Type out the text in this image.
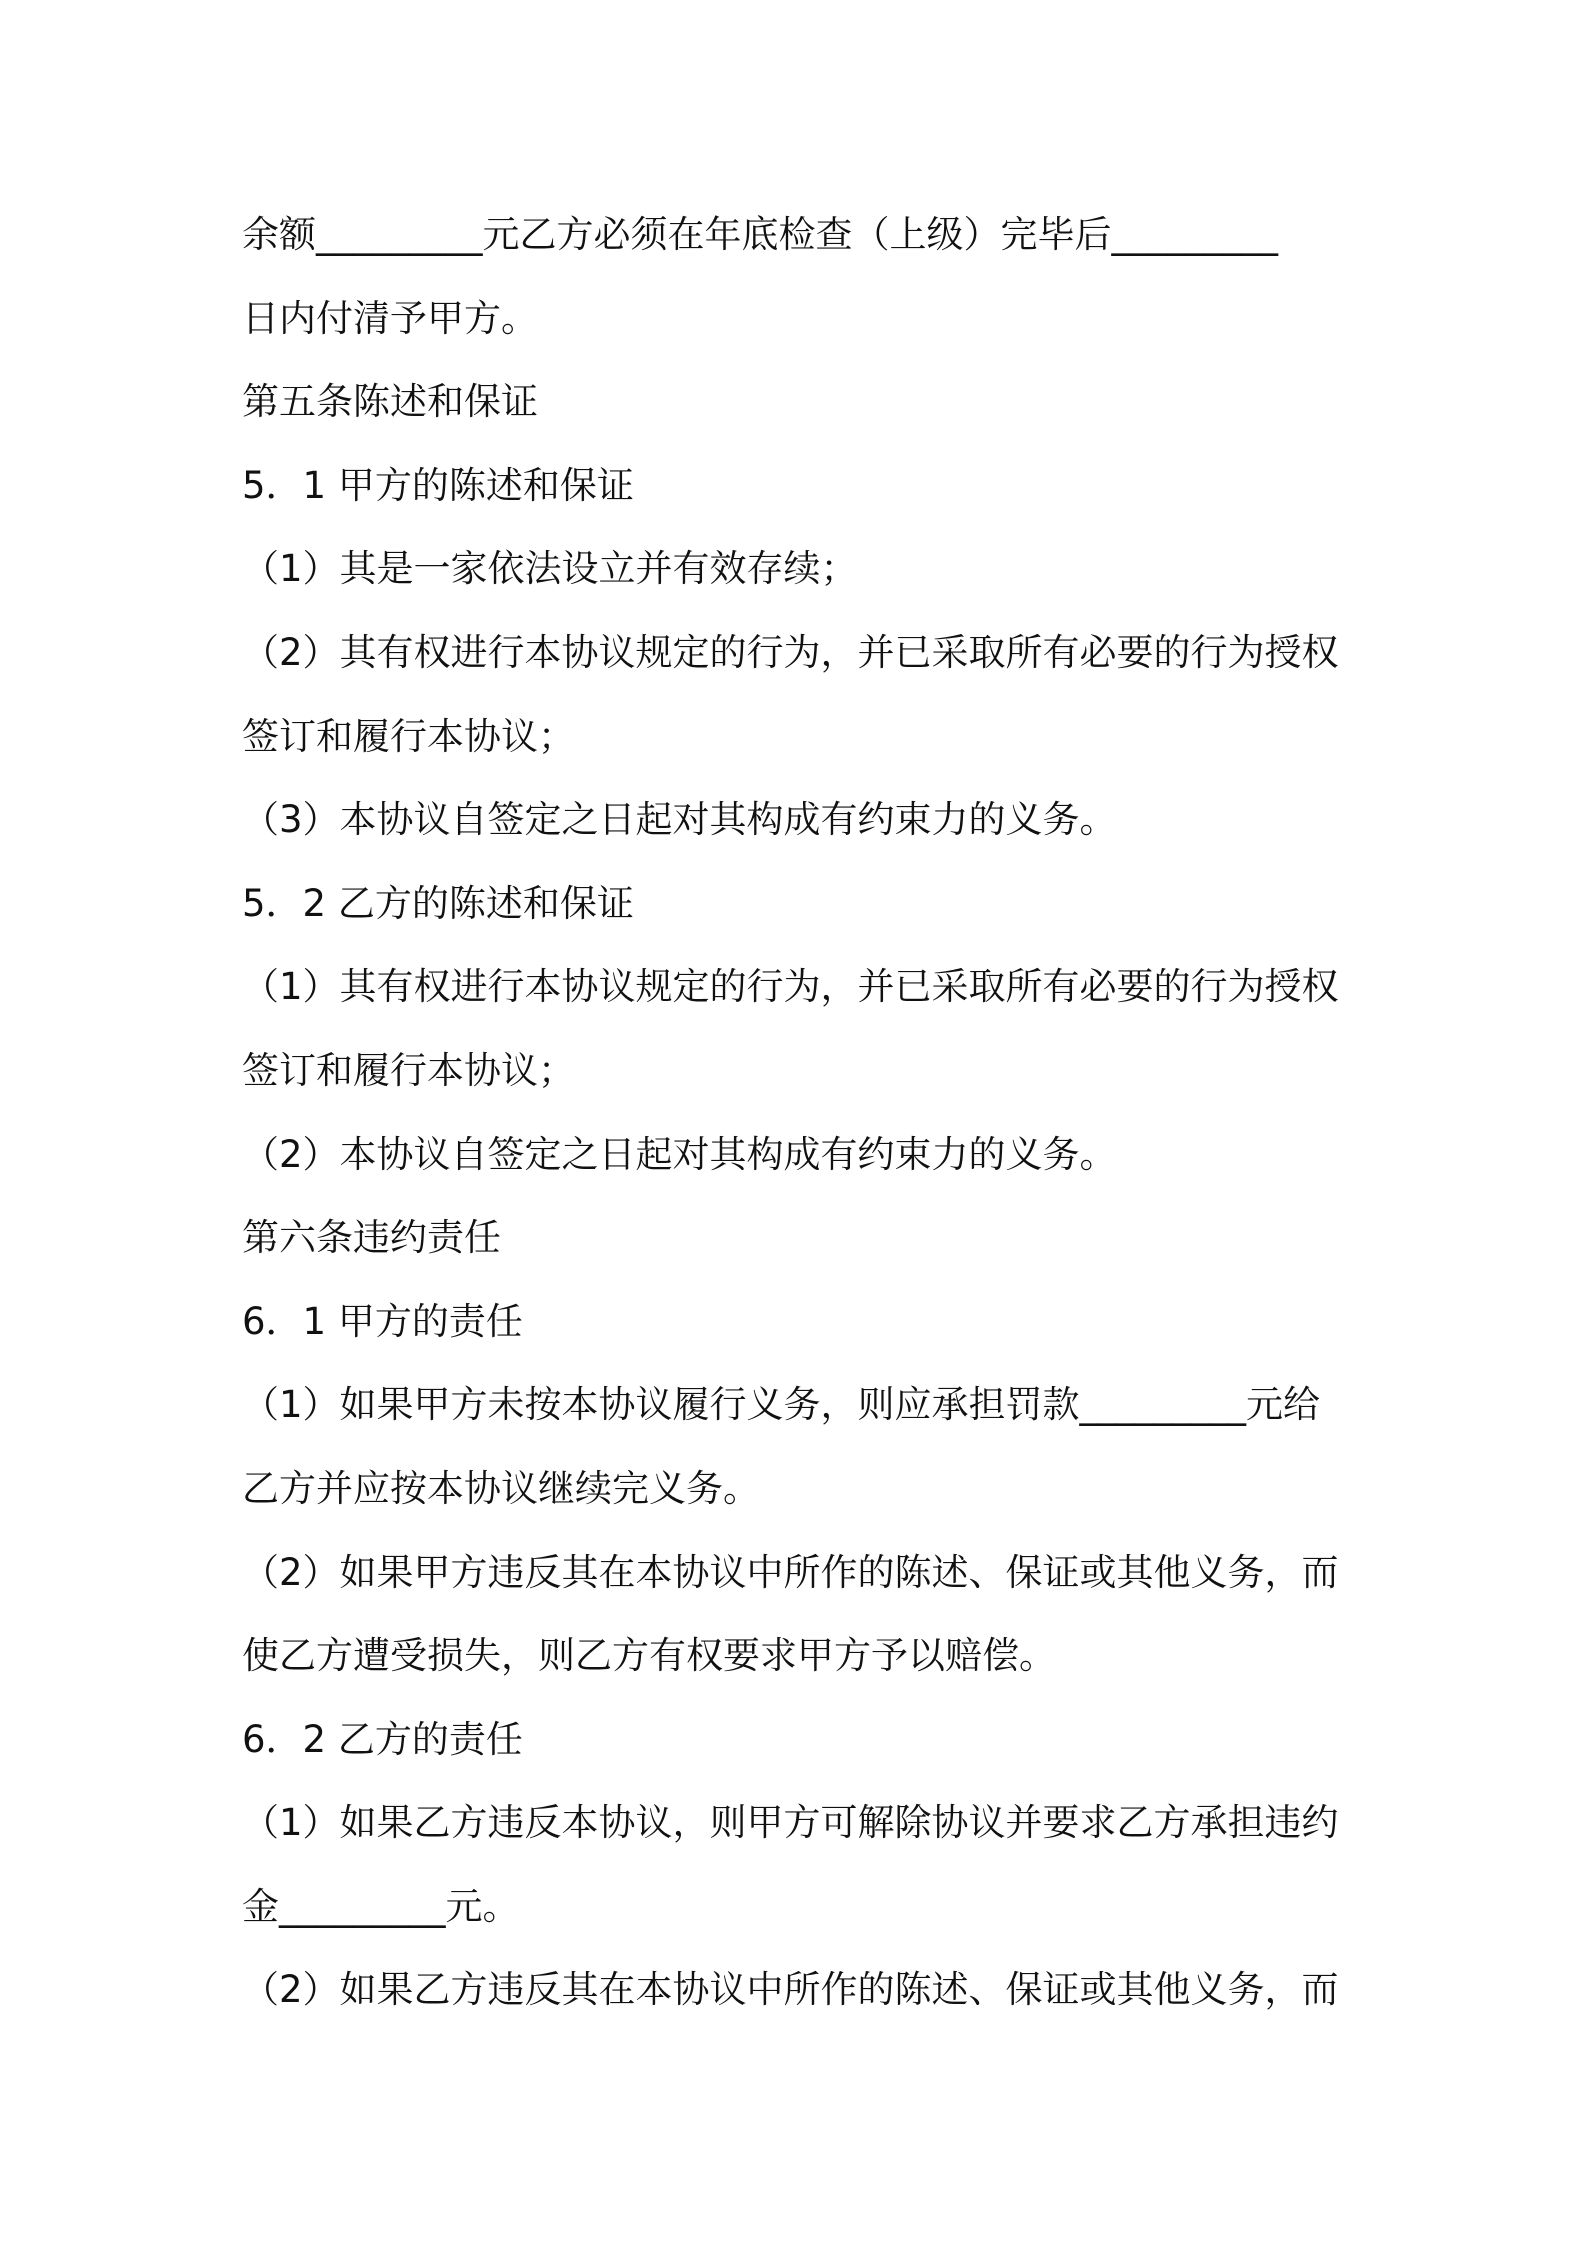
余额_________元乙方必须在年底检查（上级）完毕后_________
日内付清予甲方。
第五条陈述和保证
5．1 甲方的陈述和保证
（1）其是一家依法设立并有效存续；
（2）其有权进行本协议规定的行为，并已采取所有必要的行为授权
签订和履行本协议；
（3）本协议自签定之日起对其构成有约束力的义务。
5．2 乙方的陈述和保证
（1）其有权进行本协议规定的行为，并已采取所有必要的行为授权
签订和履行本协议；
（2）本协议自签定之日起对其构成有约束力的义务。
第六条违约责任
6．1 甲方的责任
（1）如果甲方未按本协议履行义务，则应承担罚款_________元给
乙方并应按本协议继续完义务。
（2）如果甲方违反其在本协议中所作的陈述、保证或其他义务，而
使乙方遭受损失，则乙方有权要求甲方予以赔偿。
6．2 乙方的责任
（1）如果乙方违反本协议，则甲方可解除协议并要求乙方承担违约
金_________元。
（2）如果乙方违反其在本协议中所作的陈述、保证或其他义务，而
